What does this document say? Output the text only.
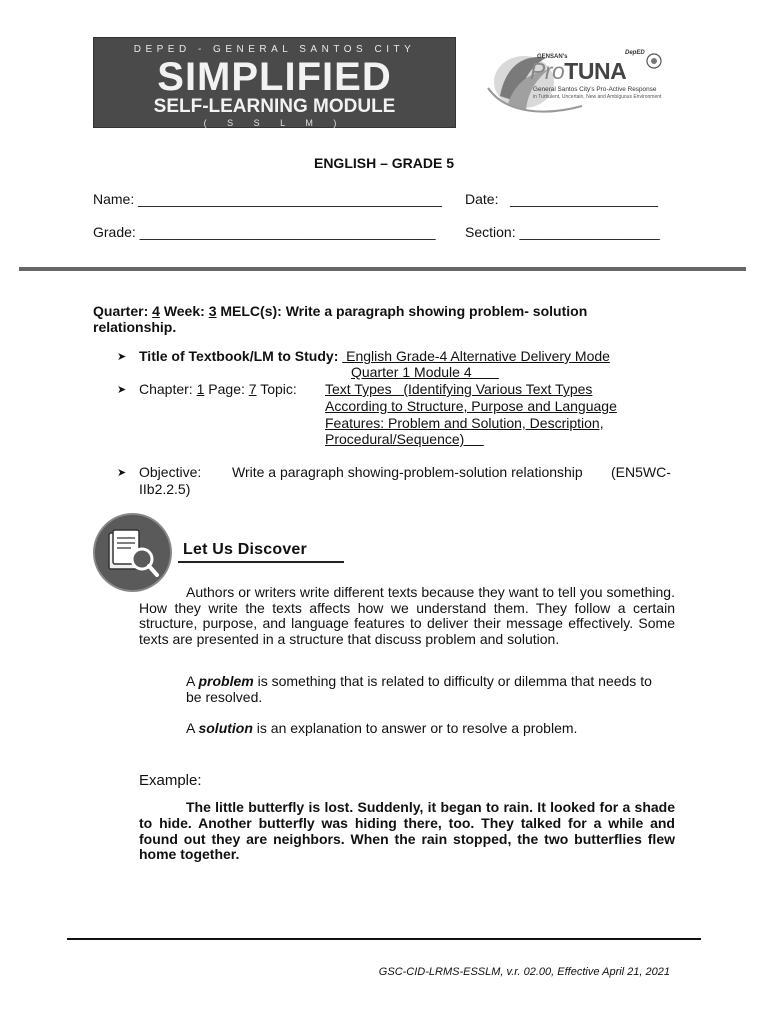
DEPED - GENERAL SANTOS CITY
SIMPLIFIED
SELF-LEARNING MODULE
( S S L M )
GENSAN's
DepED
ProTUNA
General Santos City's Pro-Active Response
in Turbulent, Uncertain, New and Ambiguous Environment
ENGLISH – GRADE 5
Name: _______________________________________ Date: ___________________
Grade: ______________________________________ Section: __________________
Quarter: 4 Week: 3 MELC(s): Write a paragraph showing problem- solution
relationship.
➤ Title of Textbook/LM to Study:  English Grade-4 Alternative Delivery Mode
Quarter 1 Module 4
➤ Chapter: 1 Page: 7 Topic: Text Types   (Identifying Various Text Types
According to Structure, Purpose and Language
Features: Problem and Solution, Description,
Procedural/Sequence)
➤ Objective: Write a paragraph showing-problem-solution relationship (EN5WC-
IIb2.2.5)
Let Us Discover
Authors or writers write different texts because they want to tell you something. How they write the texts affects how we understand them. They follow a certain structure, purpose, and language features to deliver their message effectively. Some texts are presented in a structure that discuss problem and solution.
A problem is something that is related to difficulty or dilemma that needs to be resolved.
A solution is an explanation to answer or to resolve a problem.
Example:
The little butterfly is lost. Suddenly, it began to rain. It looked for a shade to hide. Another butterfly was hiding there, too. They talked for a while and found out they are neighbors. When the rain stopped, the two butterflies flew home together.
GSC-CID-LRMS-ESSLM, v.r. 02.00, Effective April 21, 2021
